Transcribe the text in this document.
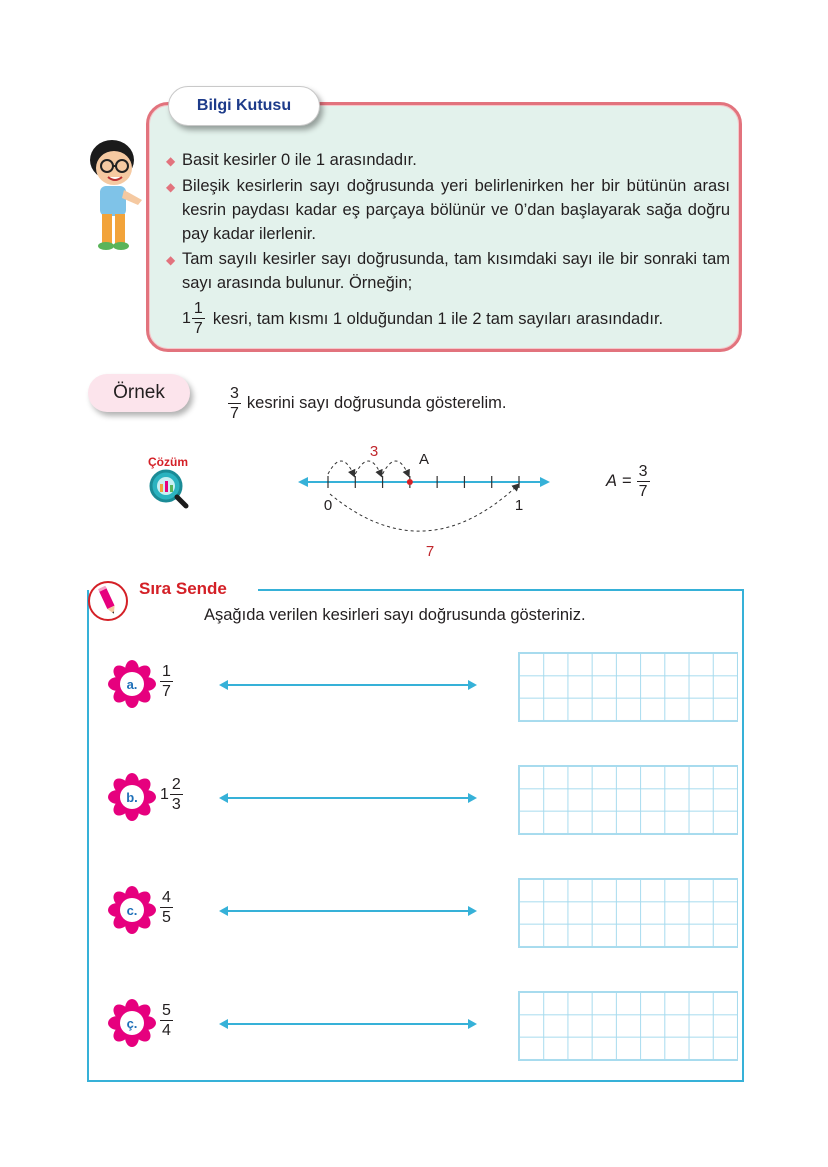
Bilgi Kutusu
◆ Basit kesirler 0 ile 1 arasındadır.
◆ Bileşik kesirlerin sayı doğrusunda yeri belirlenirken her bir bütünün arası kesrin paydası kadar eş parçaya bölünür ve 0’dan başlayarak sağa doğru pay kadar ilerlenir.
◆ Tam sayılı kesirler sayı doğrusunda, tam kısımdaki sayı ile bir sonraki tam sayı arasında bulunur. Örneğin;
$1 \frac{1}{7}$ kesri, tam kısmı 1 olduğundan 1 ile 2 tam sayıları arasındadır.
Örnek	$\frac{3}{7}$ kesrini sayı doğrusunda gösterelim.
Çözüm
3	A
0	1
7
$A = \frac{3}{7}$
Sıra Sende
Aşağıda verilen kesirleri sayı doğrusunda gösteriniz.
a. $\frac{1}{7}$
b. $1 \frac{2}{3}$
c. $\frac{4}{5}$
ç. $\frac{5}{4}$
